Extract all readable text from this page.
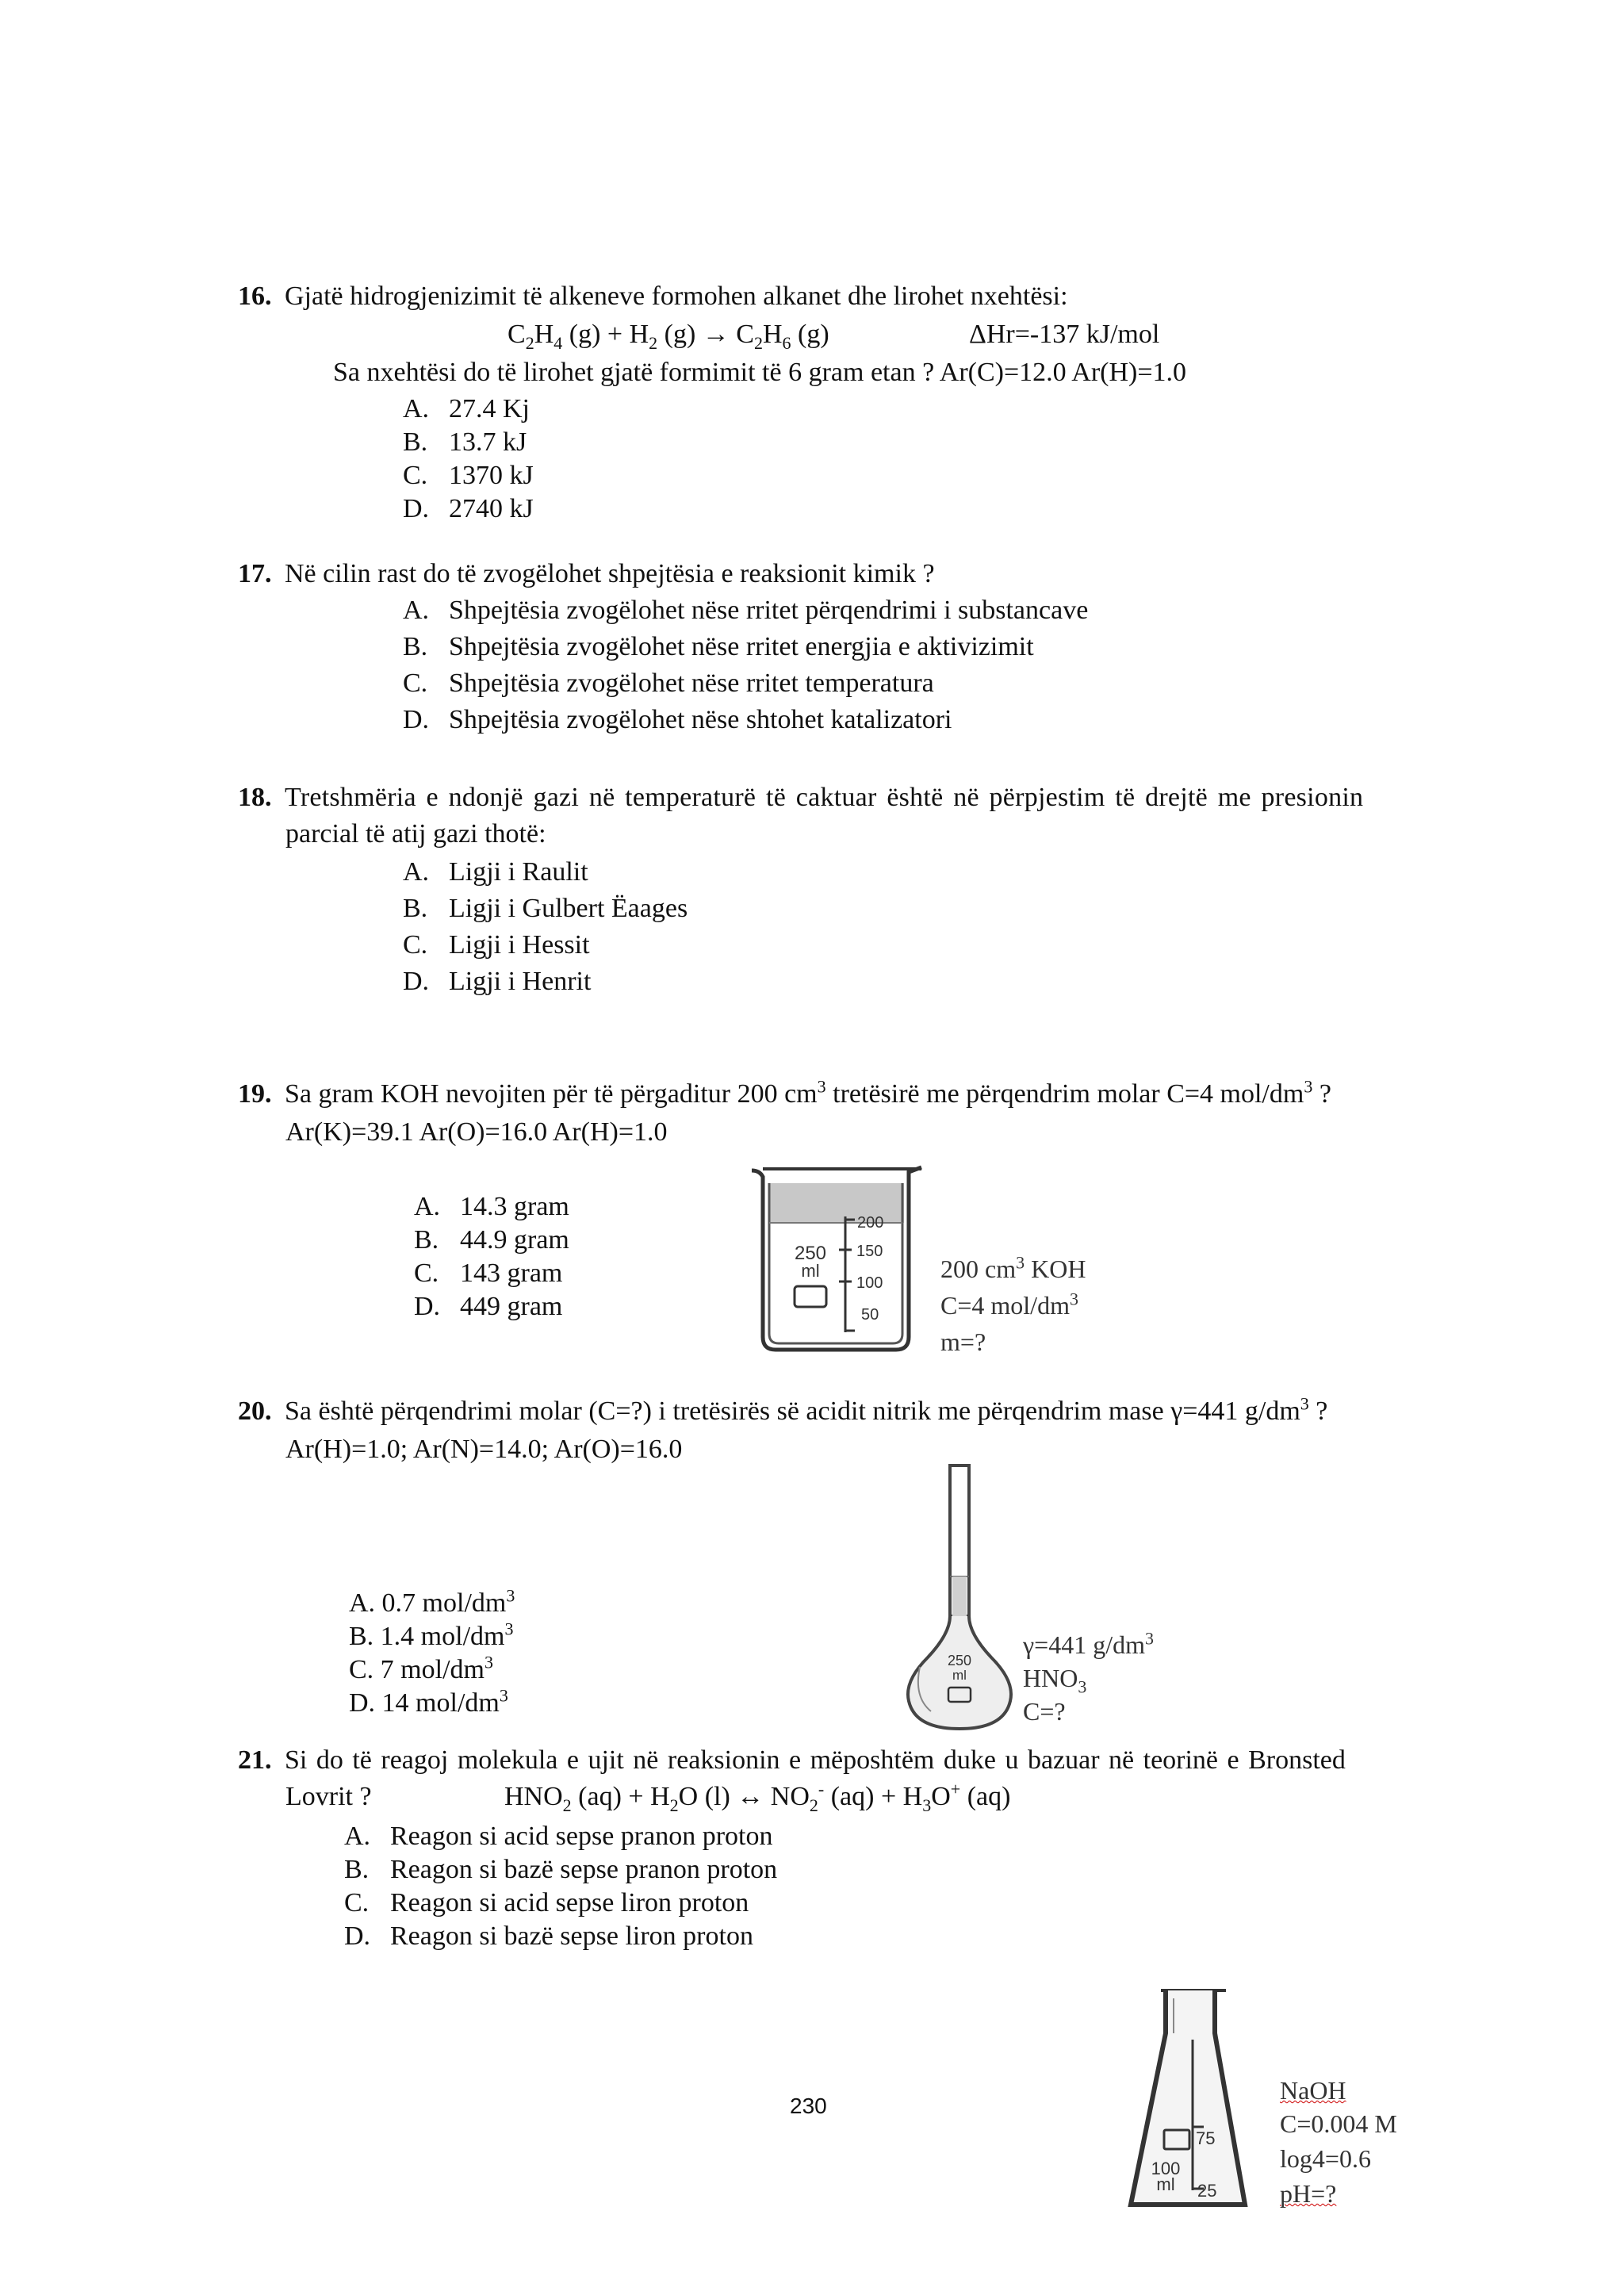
16. Gjatë hidrogjenizimit të alkeneve formohen alkanet dhe lirohet nxehtësi:
$C_2H_4$ $(g) + H_2$ $(g) \to C_2H_6$ (g)	ΔHr=-137 kJ/mol
Sa nxehtësi do të lirohet gjatë formimit të 6 gram etan ? Ar(C)=12.0 Ar(H)=1.0
A. 27.4 Kj
B. 13.7 kJ
C. 1370 kJ
D. 2740 kJ
17. Në cilin rast do të zvogëlohet shpejtësia e reaksionit kimik ?
A. Shpejtësia zvogëlohet nëse rritet përqendrimi i substancave
B. Shpejtësia zvogëlohet nëse rritet energjia e aktivizimit
C. Shpejtësia zvogëlohet nëse rritet temperatura
D. Shpejtësia zvogëlohet nëse shtohet katalizatori
18. Tretshmëria e ndonjë gazi në temperaturë të caktuar është në përpjestim të drejtë me presionin
parcial të atij gazi thotë:
A. Ligji i Raulit
B. Ligji i Gulbert Ëaages
C. Ligji i Hessit
D. Ligji i Henrit
19. Sa gram KOH nevojiten për të përgaditur 200 $cm^3$ tretësirë me përqendrim molar C=4 mol/$dm^3$ ?
Ar(K)=39.1 Ar(O)=16.0 Ar(H)=1.0
A. 14.3 gram
B. 44.9 gram
C. 143 gram
D. 449 gram
200
150
100
50
250
ml	200 $cm^3$ KOH
C=4 mol/$dm^3$
m=?
20. Sa është përqendrimi molar (C=?) i tretësirës së acidit nitrik me përqendrim mase γ=441 $g/dm^3$ ?
Ar(H)=1.0; Ar(N)=14.0; Ar(O)=16.0
A. 0.7 mol/$dm^3$
B. 1.4 mol/$dm^3$
C. 7 mol/$dm^3$
D. 14 mol/$dm^3$
250
ml
γ=441 $g/dm^3$
$HNO_3$
C=?
21. Si do të reagoj molekula e ujit në reaksionin e mëposhtëm duke u bazuar në teorinë e Bronsted
Lovrit ?	$HNO_2$ $(aq) + H_2O$ (l) ↔ $NO_2^-$ $(aq) + H_3O^+$ (aq)
A. Reagon si acid sepse pranon proton
B. Reagon si bazë sepse pranon proton
C. Reagon si acid sepse liron proton
D. Reagon si bazë sepse liron proton
230
75
25
100
ml
NaOH
C=0.004 M
log4=0.6
pH=?
